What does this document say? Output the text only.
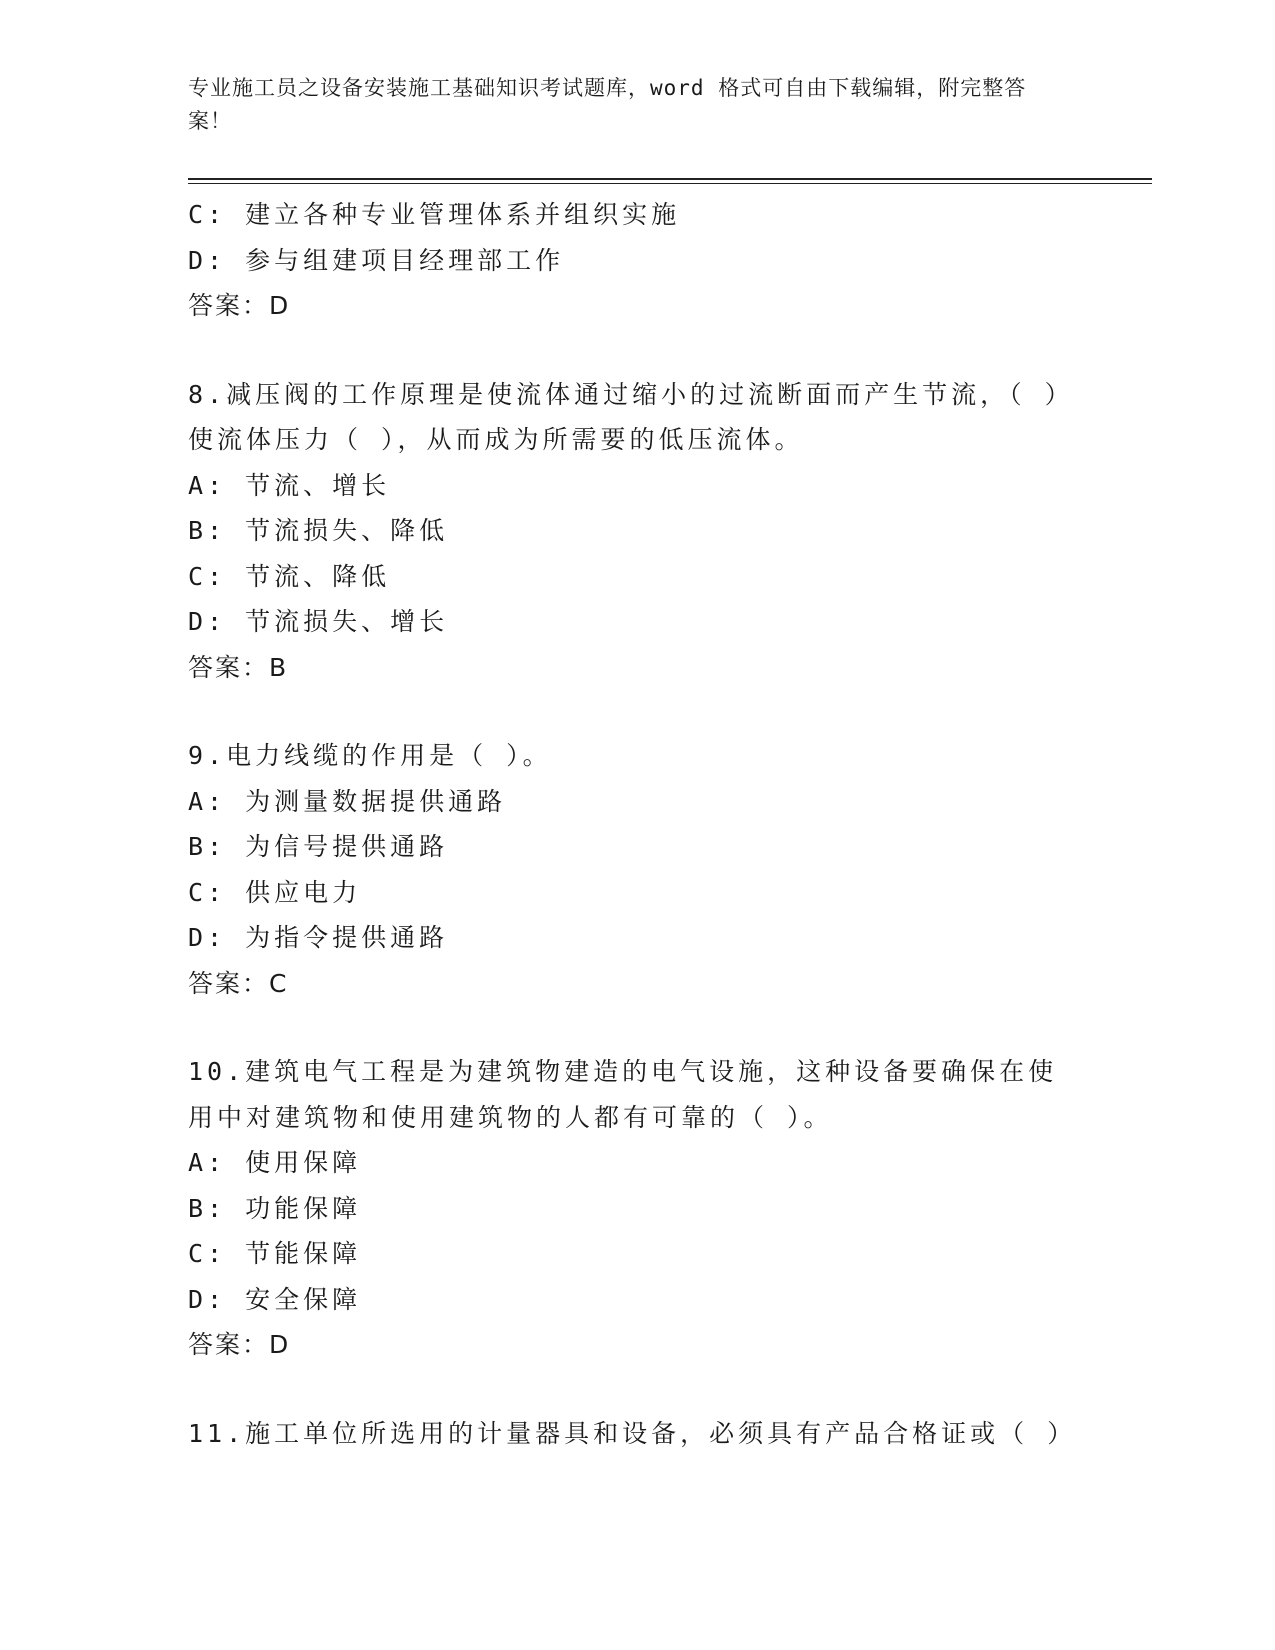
专业施工员之设备安装施工基础知识考试题库，word 格式可自由下载编辑，附完整答案！
C: 建立各种专业管理体系并组织实施
D: 参与组建项目经理部工作
答案：D
8.减压阀的工作原理是使流体通过缩小的过流断面而产生节流，（ ）使流体压力（ ），从而成为所需要的低压流体。
A: 节流、增长
B: 节流损失、降低
C: 节流、降低
D: 节流损失、增长
答案：B
9.电力线缆的作用是（ ）。
A: 为测量数据提供通路
B: 为信号提供通路
C: 供应电力
D: 为指令提供通路
答案：C
10.建筑电气工程是为建筑物建造的电气设施，这种设备要确保在使用中对建筑物和使用建筑物的人都有可靠的（ ）。
A: 使用保障
B: 功能保障
C: 节能保障
D: 安全保障
答案：D
11.施工单位所选用的计量器具和设备，必须具有产品合格证或（ ）
